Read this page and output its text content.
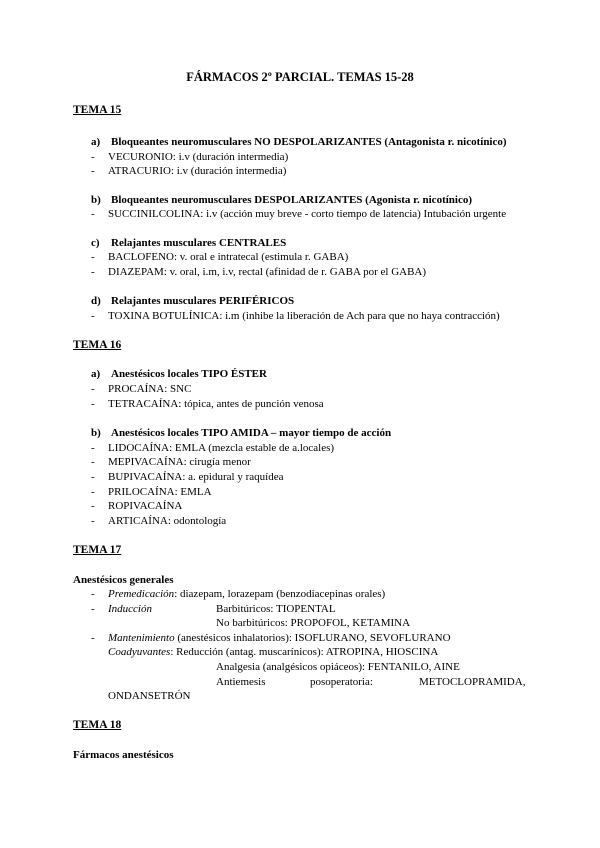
FÁRMACOS 2º PARCIAL. TEMAS 15-28
TEMA 15
a) Bloqueantes neuromusculares NO DESPOLARIZANTES (Antagonista r. nicotínico)
- VECURONIO: i.v (duración intermedia)
- ATRACURIO: i.v (duración intermedia)
b) Bloqueantes neuromusculares DESPOLARIZANTES (Agonista r. nicotínico)
- SUCCINILCOLINA: i.v (acción muy breve - corto tiempo de latencia) Intubación urgente
c) Relajantes musculares CENTRALES
- BACLOFENO: v. oral e intratecal (estimula r. GABA)
- DIAZEPAM: v. oral, i.m, i.v, rectal (afinidad de r. GABA por el GABA)
d) Relajantes musculares PERIFÉRICOS
- TOXINA BOTULÍNICA: i.m (inhibe la liberación de Ach para que no haya contracción)
TEMA 16
a) Anestésicos locales TIPO ÉSTER
- PROCAÍNA: SNC
- TETRACAÍNA: tópica, antes de punción venosa
b) Anestésicos locales TIPO AMIDA – mayor tiempo de acción
- LIDOCAÍNA: EMLA (mezcla estable de a.locales)
- MEPIVACAÍNA: cirugía menor
- BUPIVACAÍNA: a. epidural y raquídea
- PRILOCAÍNA: EMLA
- ROPIVACAÍNA
- ARTICAÍNA: odontología
TEMA 17
Anestésicos generales
- Premedicación: diazepam, lorazepam (benzodiacepinas orales)
- Inducción	Barbitúricos: TIOPENTAL
No barbitúricos: PROPOFOL, KETAMINA
- Mantenimiento (anestésicos inhalatorios): ISOFLURANO, SEVOFLURANO
Coadyuvantes: Reducción (antag. muscarínicos): ATROPINA, HIOSCINA
Analgesia (analgésicos opiáceos): FENTANILO, AINE
Antiemesis	posoperatoria:	METOCLOPRAMIDA,
ONDANSETRÓN
TEMA 18
Fármacos anestésicos
